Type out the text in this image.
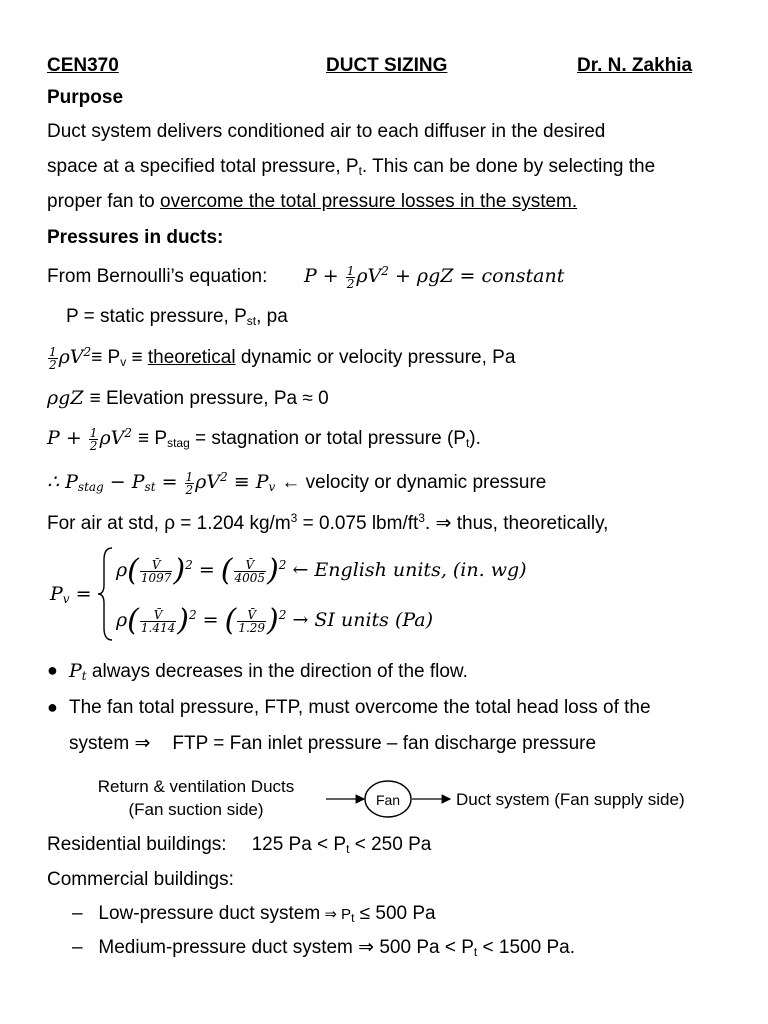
CEN370	DUCT SIZING	Dr. N. Zakhia
Purpose
Duct system delivers conditioned air to each diffuser in the desired
space at a specified total pressure, $P_t$. This can be done by selecting the
proper fan to overcome the total pressure losses in the system.
Pressures in ducts:
From Bernoulli’s equation: $P + \frac{1}{2} \rho V^2 + \rho gZ$ = constant
P = static pressure, $P_{st}$, pa
$\frac{1}{2} \rho V^2\equiv P_v$ ≡ theoretical dynamic or velocity pressure, Pa
ρgZ ≡ Elevation pressure, Pa ≈ 0
$P + \frac{1}{2} \rho V^2 \equiv P_{stag}$ = stagnation or total pressure $(P_t)$.
∴ $P_{stag} - P_{st} = \frac{1}{2} \rho V^2 \equiv P_v$ ← velocity or dynamic pressure
For air at std, ρ = 1.204 $kg/m^3 = 0.075$ lbm/$ft^3$. ⇒ thus, theoretically,
$P_v$ =
$\rho( \frac{V̄}{1097} )^2$ = ( $\frac{V̄}{4005} )^2$ ← English units, (in. wg)
$\rho( \frac{V̄}{1.414} )^2$ = ( $\frac{V̄}{1.29} )^2$ → SI units (Pa)
● $P_t$ always decreases in the direction of the flow.
● The fan total pressure, FTP, must overcome the total head loss of the
system ⇒ FTP = Fan inlet pressure – fan discharge pressure
Return & ventilation Ducts
(Fan suction side)	Fan	Duct system (Fan supply side)
Residential buildings: 125 $Pa < P_t < 250$ Pa
Commercial buildings:
–   Low-pressure duct system ⇒ $P_t \le 500$ Pa
–   Medium-pressure duct system ⇒ 500 $Pa < P_t < 1500$ Pa.
